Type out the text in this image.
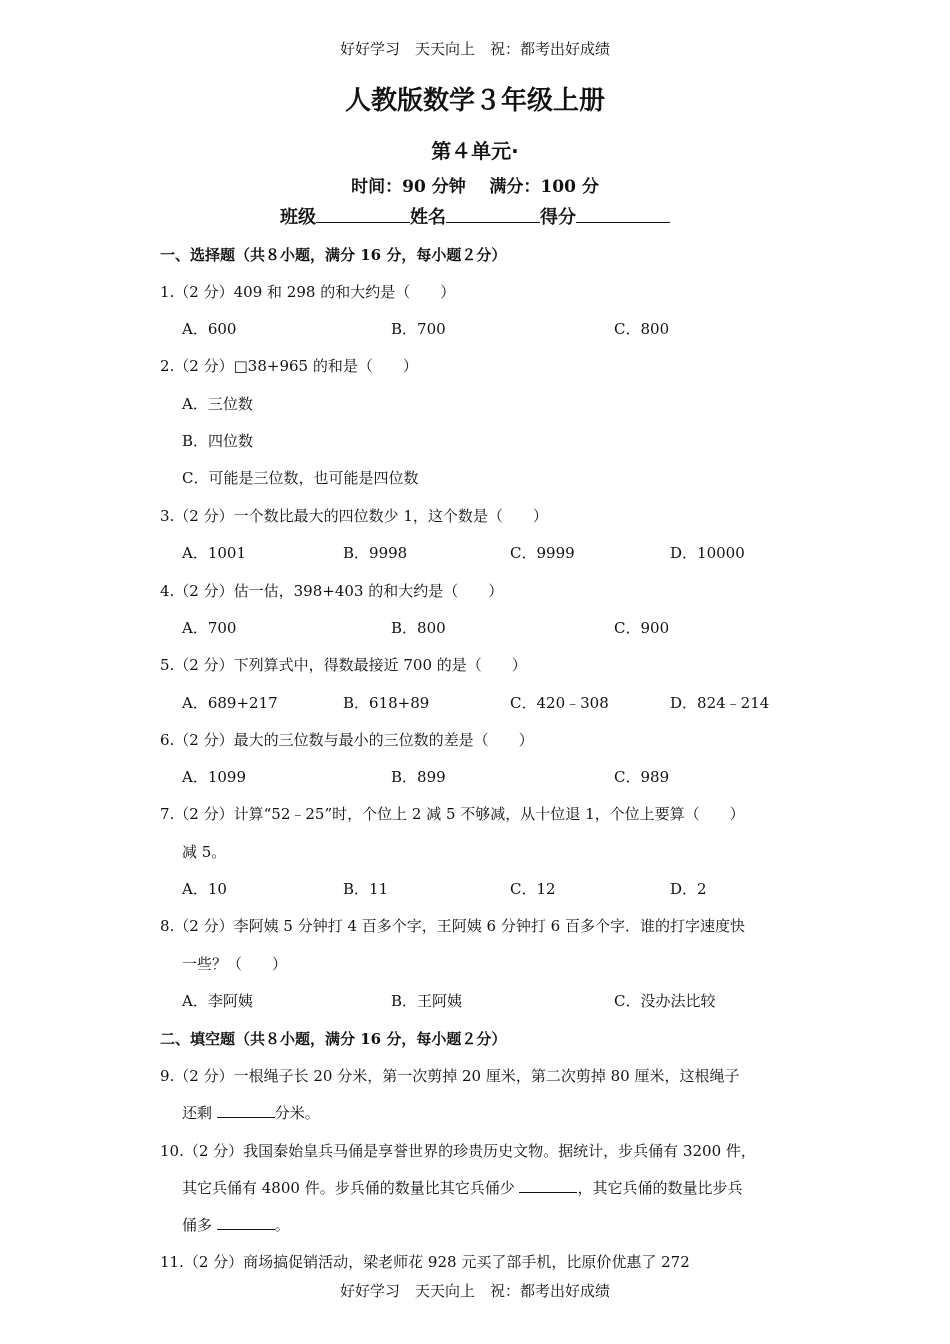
好好学习　天天向上　祝：都考出好成绩
人教版数学３年级上册
第４单元·
时间：90 分钟 满分：100 分
班级	姓名	得分
一、选择题（共８小题，满分 16 分，每小题２分）
1.（2 分）409 和 298 的和大约是（　　）
A．600	B．700	C．800
2.（2 分）□38+965 的和是（　　）
A．三位数
B．四位数
C．可能是三位数，也可能是四位数
3.（2 分）一个数比最大的四位数少 1，这个数是（　　）
A．1001	B．9998	C．9999	D．10000
4.（2 分）估一估，398+403 的和大约是（　　）
A．700	B．800	C．900
5.（2 分）下列算式中，得数最接近 700 的是（　　）
A．689+217	B．618+89	C．420﹣308	D．824﹣214
6.（2 分）最大的三位数与最小的三位数的差是（　　）
A．1099	B．899	C．989
7.（2 分）计算“52﹣25”时，个位上 2 减 5 不够减，从十位退 1，个位上要算（　　）
减 5。
A．10	B．11	C．12	D．2
8.（2 分）李阿姨 5 分钟打 4 百多个字，王阿姨 6 分钟打 6 百多个字．谁的打字速度快
一些？（　　）
A．李阿姨	B．王阿姨	C．没办法比较
二、填空题（共８小题，满分 16 分，每小题２分）
9.（2 分）一根绳子长 20 分米，第一次剪掉 20 厘米，第二次剪掉 80 厘米，这根绳子
还剩	分米。
10.（2 分）我国秦始皇兵马俑是享誉世界的珍贵历史文物。据统计，步兵俑有 3200 件，
其它兵俑有 4800 件。步兵俑的数量比其它兵俑少	，其它兵俑的数量比步兵
俑多	。
11.（2 分）商场搞促销活动，梁老师花 928 元买了部手机，比原价优惠了 272
好好学习　天天向上　祝：都考出好成绩
